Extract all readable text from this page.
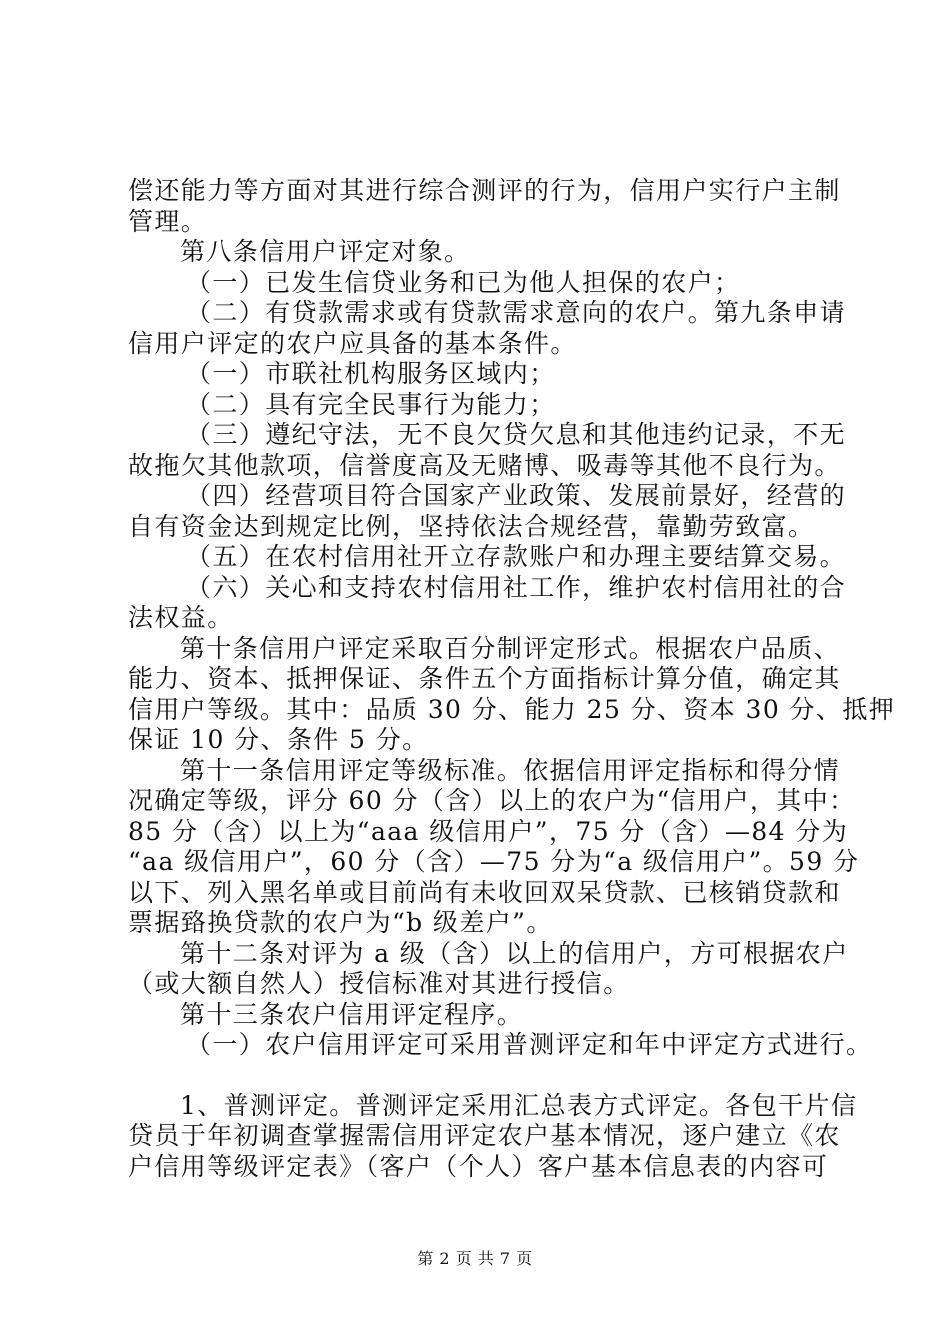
偿还能力等方面对其进行综合测评的行为，信用户实行户主制

管理。

第八条信用户评定对象。

（一）已发生信贷业务和已为他人担保的农户；

（二）有贷款需求或有贷款需求意向的农户。第九条申请

信用户评定的农户应具备的基本条件。

（一）市联社机构服务区域内；

（二）具有完全民事行为能力；

（三）遵纪守法，无不良欠贷欠息和其他违约记录，不无

故拖欠其他款项，信誉度高及无赌博、吸毒等其他不良行为。

（四）经营项目符合国家产业政策、发展前景好，经营的

自有资金达到规定比例，坚持依法合规经营，靠勤劳致富。

（五）在农村信用社开立存款账户和办理主要结算交易。

（六）关心和支持农村信用社工作，维护农村信用社的合

法权益。

第十条信用户评定采取百分制评定形式。根据农户品质、

能力、资本、抵押保证、条件五个方面指标计算分值，确定其

信用户等级。其中：品质 30 分、能力 25 分、资本 30 分、抵押

保证 10 分、条件 5 分。

第十一条信用评定等级标准。依据信用评定指标和得分情

况确定等级，评分 60 分（含）以上的农户为“信用户，其中：

85 分（含）以上为“aaa 级信用户”，75 分（含）—84 分为

“aa 级信用户”，60 分（含）—75 分为“a 级信用户”。59 分

以下、列入黑名单或目前尚有未收回双呆贷款、已核销贷款和

票据臵换贷款的农户为“b 级差户”。

第十二条对评为 a 级（含）以上的信用户，方可根据农户

（或大额自然人）授信标准对其进行授信。

第十三条农户信用评定程序。

（一）农户信用评定可采用普测评定和年中评定方式进行。

1、普测评定。普测评定采用汇总表方式评定。各包干片信

贷员于年初调查掌握需信用评定农户基本情况，逐户建立《农

户信用等级评定表》（客户（个人）客户基本信息表的内容可

第 2 页 共 7 页
